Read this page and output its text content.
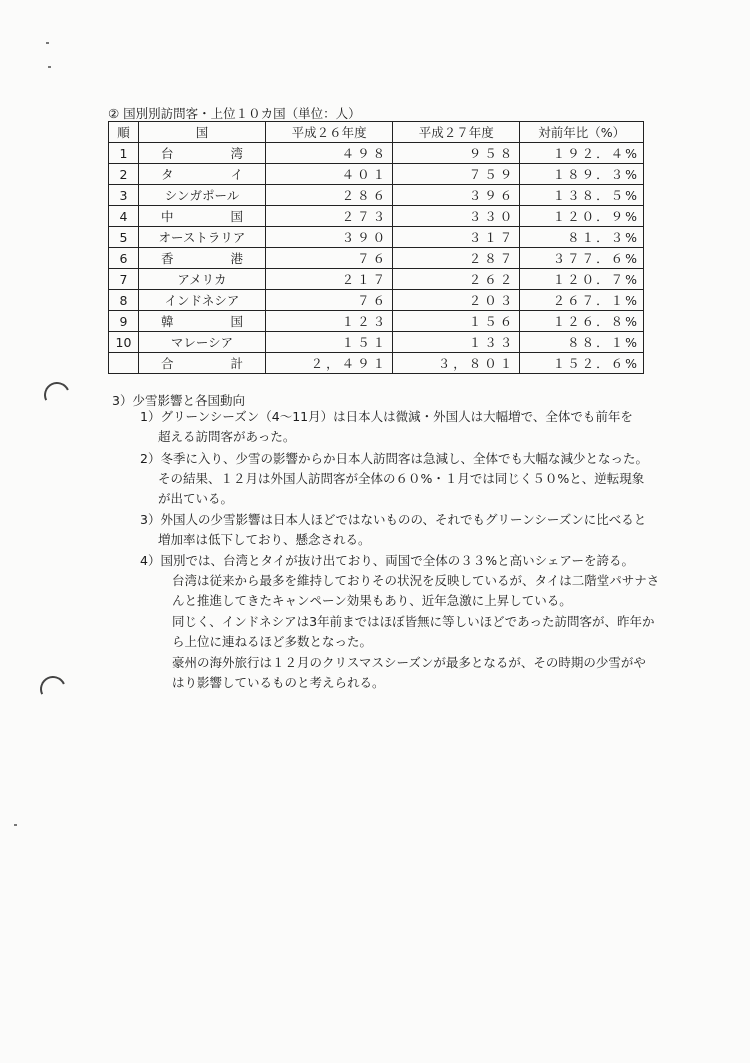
② 国別別訪問客・上位１０カ国（単位：人）
順	国	平成２６年度	平成２７年度	対前年比（%）
1	台　　湾	４９８	９５８	１９２．４%
2	タ　　イ	４０１	７５９	１８９．３%
3	シンガポール	２８６	３９６	１３８．５%
4	中　　国	２７３	３３０	１２０．９%
5	オーストラリア	３９０	３１７	８１．３%
6	香　　港	７６	２８７	３７７．６%
7	アメリカ	２１７	２６２	１２０．７%
8	インドネシア	７６	２０３	２６７．１%
9	韓　　国	１２３	１５６	１２６．８%
10	マレーシア	１５１	１３３	８８．１%
	合　　計	２，４９１	３，８０１	１５２．６%
3）少雪影響と各国動向
1）グリーンシーズン（4～11月）は日本人は微減・外国人は大幅増で、全体でも前年を
超える訪問客があった。
2）冬季に入り、少雪の影響からか日本人訪問客は急減し、全体でも大幅な減少となった。
その結果、１２月は外国人訪問客が全体の６０%・１月では同じく５０%と、逆転現象
が出ている。
3）外国人の少雪影響は日本人ほどではないものの、それでもグリーンシーズンに比べると
増加率は低下しており、懸念される。
4）国別では、台湾とタイが抜け出ており、両国で全体の３３%と高いシェアーを誇る。
台湾は従来から最多を維持しておりその状況を反映しているが、タイは二階堂パサナさ
んと推進してきたキャンペーン効果もあり、近年急激に上昇している。
同じく、インドネシアは3年前まではほぼ皆無に等しいほどであった訪問客が、昨年か
ら上位に連ねるほど多数となった。
豪州の海外旅行は１２月のクリスマスシーズンが最多となるが、その時期の少雪がや
はり影響しているものと考えられる。
